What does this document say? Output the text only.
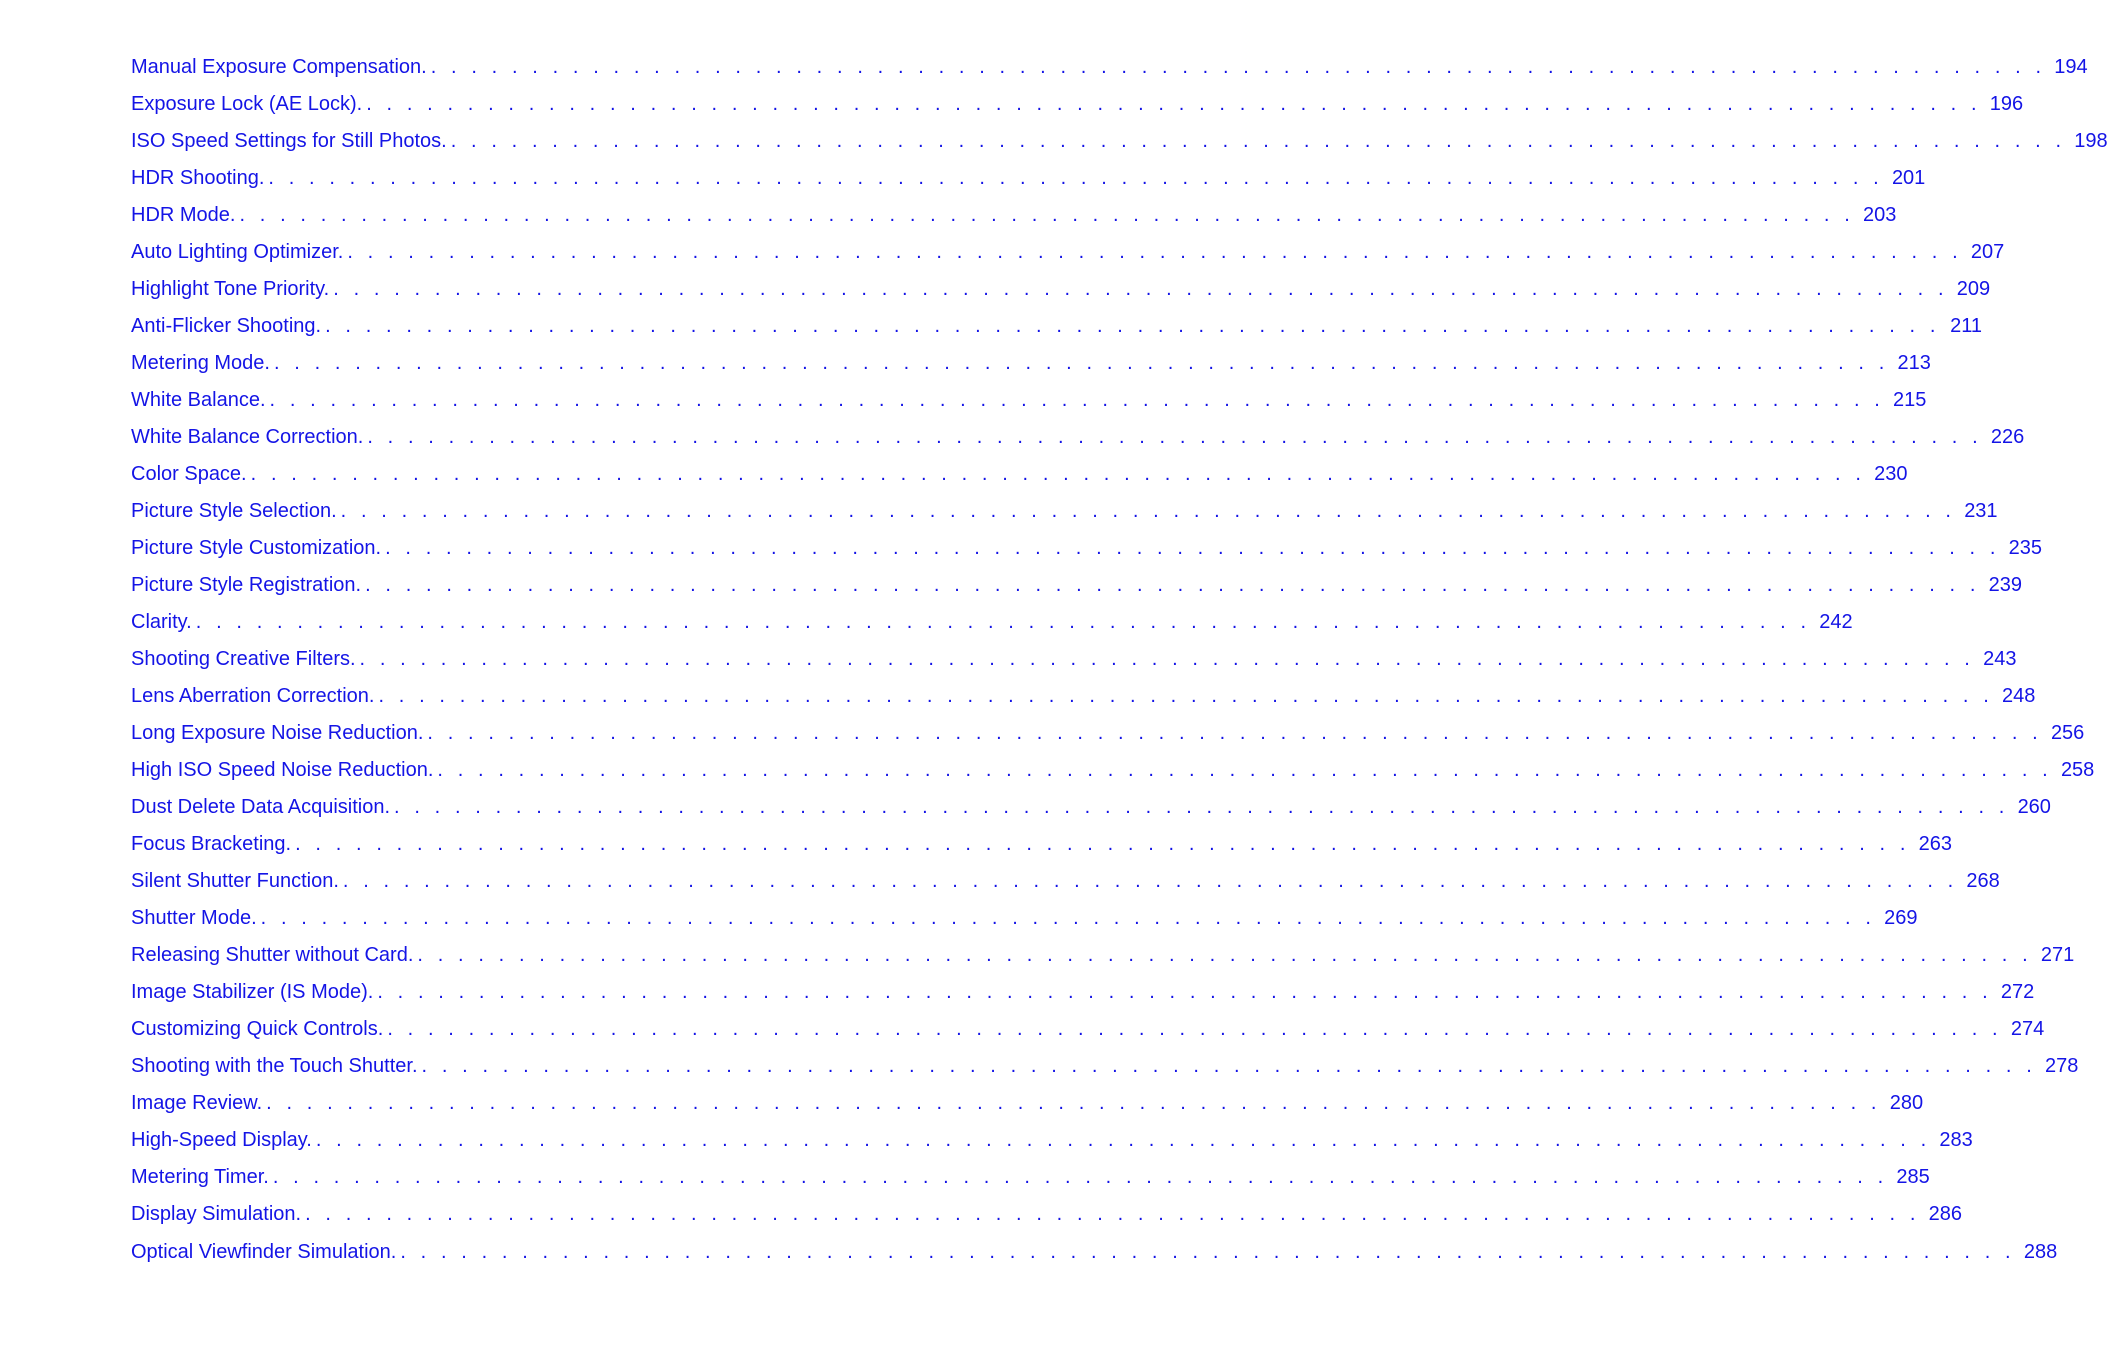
Manual Exposure Compensation. . . . . . . . . . . . . . . . . . . . . . . . . . . . . . . . . . . . . . . . . . . . . . . . . . . . . . . . . . . . . . . . . . . . . . . . . . . . . . . . . 194
Exposure Lock (AE Lock). . . . . . . . . . . . . . . . . . . . . . . . . . . . . . . . . . . . . . . . . . . . . . . . . . . . . . . . . . . . . . . . . . . . . . . . . . . . . . . . . 196
ISO Speed Settings for Still Photos. . . . . . . . . . . . . . . . . . . . . . . . . . . . . . . . . . . . . . . . . . . . . . . . . . . . . . . . . . . . . . . . . . . . . . . . . . . . . . . . . 198
HDR Shooting. . . . . . . . . . . . . . . . . . . . . . . . . . . . . . . . . . . . . . . . . . . . . . . . . . . . . . . . . . . . . . . . . . . . . . . . . . . . . . . . . 201
HDR Mode. . . . . . . . . . . . . . . . . . . . . . . . . . . . . . . . . . . . . . . . . . . . . . . . . . . . . . . . . . . . . . . . . . . . . . . . . . . . . . . . . 203
Auto Lighting Optimizer. . . . . . . . . . . . . . . . . . . . . . . . . . . . . . . . . . . . . . . . . . . . . . . . . . . . . . . . . . . . . . . . . . . . . . . . . . . . . . . . . 207
Highlight Tone Priority. . . . . . . . . . . . . . . . . . . . . . . . . . . . . . . . . . . . . . . . . . . . . . . . . . . . . . . . . . . . . . . . . . . . . . . . . . . . . . . . . 209
Anti-Flicker Shooting. . . . . . . . . . . . . . . . . . . . . . . . . . . . . . . . . . . . . . . . . . . . . . . . . . . . . . . . . . . . . . . . . . . . . . . . . . . . . . . . . 211
Metering Mode. . . . . . . . . . . . . . . . . . . . . . . . . . . . . . . . . . . . . . . . . . . . . . . . . . . . . . . . . . . . . . . . . . . . . . . . . . . . . . . . . 213
White Balance. . . . . . . . . . . . . . . . . . . . . . . . . . . . . . . . . . . . . . . . . . . . . . . . . . . . . . . . . . . . . . . . . . . . . . . . . . . . . . . . . 215
White Balance Correction. . . . . . . . . . . . . . . . . . . . . . . . . . . . . . . . . . . . . . . . . . . . . . . . . . . . . . . . . . . . . . . . . . . . . . . . . . . . . . . . . 226
Color Space. . . . . . . . . . . . . . . . . . . . . . . . . . . . . . . . . . . . . . . . . . . . . . . . . . . . . . . . . . . . . . . . . . . . . . . . . . . . . . . . . 230
Picture Style Selection. . . . . . . . . . . . . . . . . . . . . . . . . . . . . . . . . . . . . . . . . . . . . . . . . . . . . . . . . . . . . . . . . . . . . . . . . . . . . . . . . 231
Picture Style Customization. . . . . . . . . . . . . . . . . . . . . . . . . . . . . . . . . . . . . . . . . . . . . . . . . . . . . . . . . . . . . . . . . . . . . . . . . . . . . . . . . 235
Picture Style Registration. . . . . . . . . . . . . . . . . . . . . . . . . . . . . . . . . . . . . . . . . . . . . . . . . . . . . . . . . . . . . . . . . . . . . . . . . . . . . . . . . 239
Clarity. . . . . . . . . . . . . . . . . . . . . . . . . . . . . . . . . . . . . . . . . . . . . . . . . . . . . . . . . . . . . . . . . . . . . . . . . . . . . . . . . 242
Shooting Creative Filters. . . . . . . . . . . . . . . . . . . . . . . . . . . . . . . . . . . . . . . . . . . . . . . . . . . . . . . . . . . . . . . . . . . . . . . . . . . . . . . . . 243
Lens Aberration Correction. . . . . . . . . . . . . . . . . . . . . . . . . . . . . . . . . . . . . . . . . . . . . . . . . . . . . . . . . . . . . . . . . . . . . . . . . . . . . . . . . 248
Long Exposure Noise Reduction. . . . . . . . . . . . . . . . . . . . . . . . . . . . . . . . . . . . . . . . . . . . . . . . . . . . . . . . . . . . . . . . . . . . . . . . . . . . . . . . . 256
High ISO Speed Noise Reduction. . . . . . . . . . . . . . . . . . . . . . . . . . . . . . . . . . . . . . . . . . . . . . . . . . . . . . . . . . . . . . . . . . . . . . . . . . . . . . . . . 258
Dust Delete Data Acquisition. . . . . . . . . . . . . . . . . . . . . . . . . . . . . . . . . . . . . . . . . . . . . . . . . . . . . . . . . . . . . . . . . . . . . . . . . . . . . . . . . 260
Focus Bracketing. . . . . . . . . . . . . . . . . . . . . . . . . . . . . . . . . . . . . . . . . . . . . . . . . . . . . . . . . . . . . . . . . . . . . . . . . . . . . . . . . 263
Silent Shutter Function. . . . . . . . . . . . . . . . . . . . . . . . . . . . . . . . . . . . . . . . . . . . . . . . . . . . . . . . . . . . . . . . . . . . . . . . . . . . . . . . . 268
Shutter Mode. . . . . . . . . . . . . . . . . . . . . . . . . . . . . . . . . . . . . . . . . . . . . . . . . . . . . . . . . . . . . . . . . . . . . . . . . . . . . . . . . 269
Releasing Shutter without Card. . . . . . . . . . . . . . . . . . . . . . . . . . . . . . . . . . . . . . . . . . . . . . . . . . . . . . . . . . . . . . . . . . . . . . . . . . . . . . . . . 271
Image Stabilizer (IS Mode). . . . . . . . . . . . . . . . . . . . . . . . . . . . . . . . . . . . . . . . . . . . . . . . . . . . . . . . . . . . . . . . . . . . . . . . . . . . . . . . . 272
Customizing Quick Controls. . . . . . . . . . . . . . . . . . . . . . . . . . . . . . . . . . . . . . . . . . . . . . . . . . . . . . . . . . . . . . . . . . . . . . . . . . . . . . . . . 274
Shooting with the Touch Shutter. . . . . . . . . . . . . . . . . . . . . . . . . . . . . . . . . . . . . . . . . . . . . . . . . . . . . . . . . . . . . . . . . . . . . . . . . . . . . . . . . 278
Image Review. . . . . . . . . . . . . . . . . . . . . . . . . . . . . . . . . . . . . . . . . . . . . . . . . . . . . . . . . . . . . . . . . . . . . . . . . . . . . . . . . 280
High-Speed Display. . . . . . . . . . . . . . . . . . . . . . . . . . . . . . . . . . . . . . . . . . . . . . . . . . . . . . . . . . . . . . . . . . . . . . . . . . . . . . . . . 283
Metering Timer. . . . . . . . . . . . . . . . . . . . . . . . . . . . . . . . . . . . . . . . . . . . . . . . . . . . . . . . . . . . . . . . . . . . . . . . . . . . . . . . . 285
Display Simulation. . . . . . . . . . . . . . . . . . . . . . . . . . . . . . . . . . . . . . . . . . . . . . . . . . . . . . . . . . . . . . . . . . . . . . . . . . . . . . . . . 286
Optical Viewfinder Simulation. . . . . . . . . . . . . . . . . . . . . . . . . . . . . . . . . . . . . . . . . . . . . . . . . . . . . . . . . . . . . . . . . . . . . . . . . . . . . . . . . 288
